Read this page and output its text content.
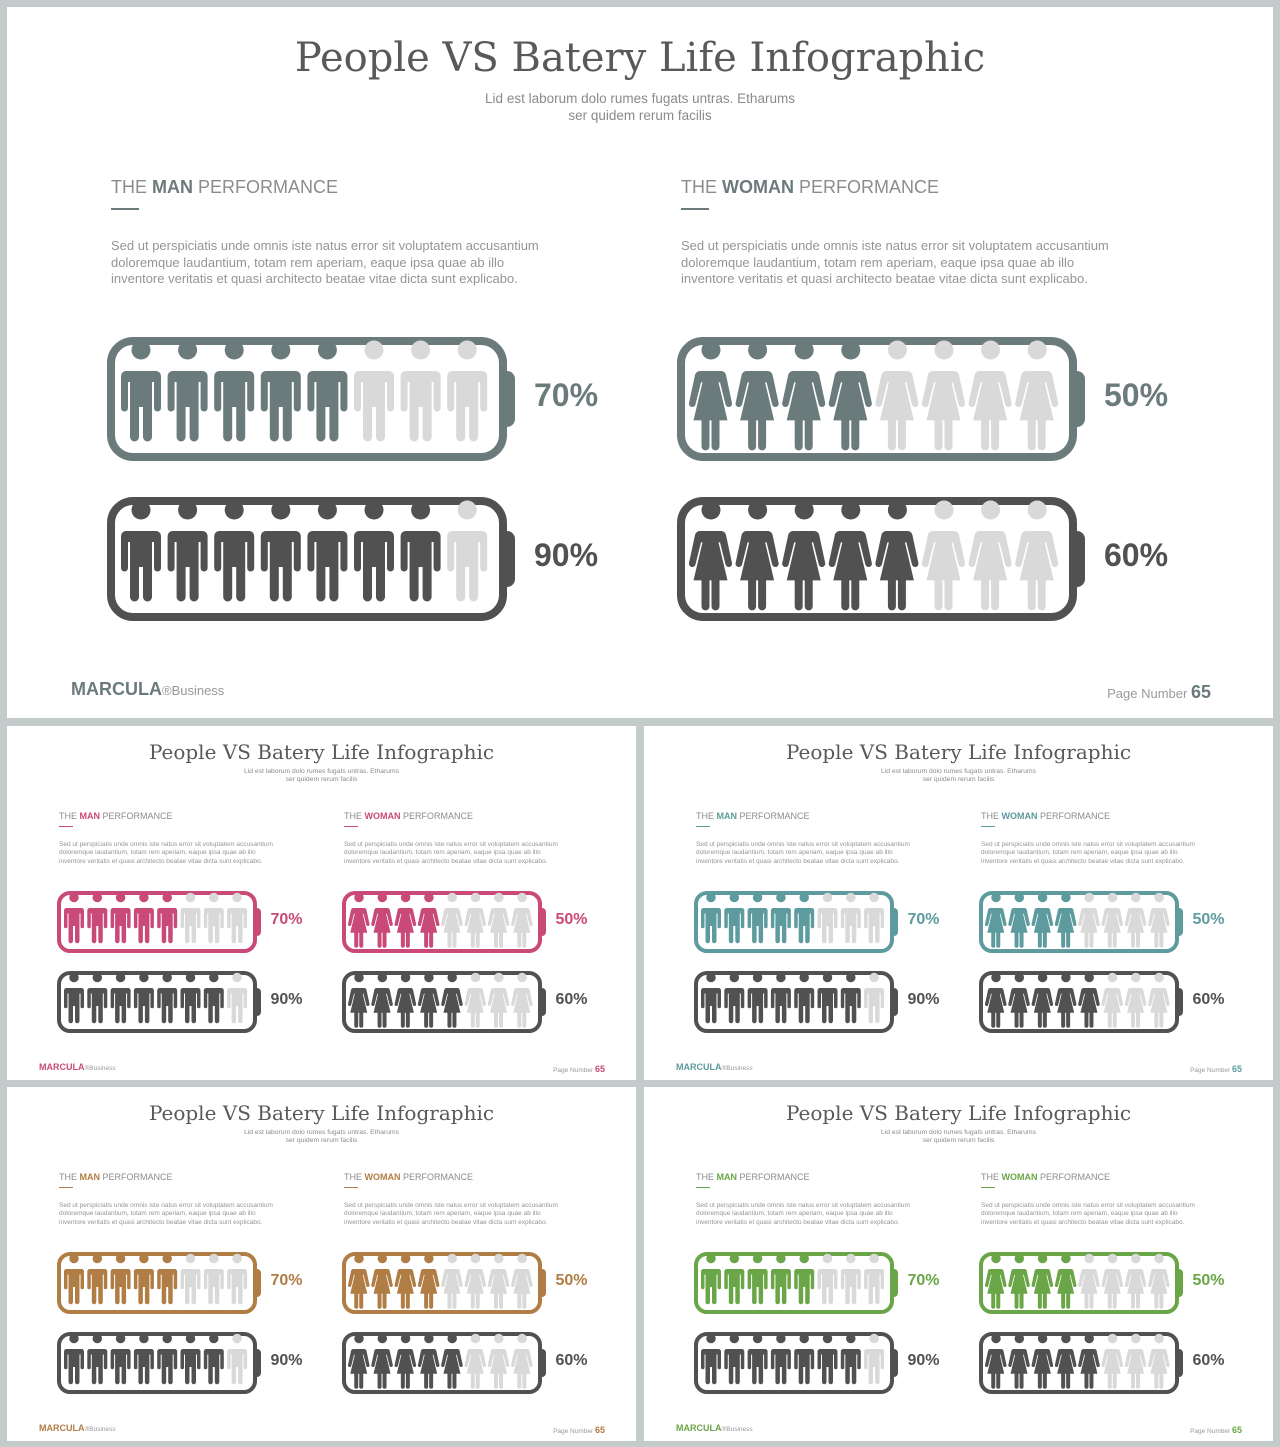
People VS Batery Life Infographic
Lid est laborum dolo rumes fugats untras. Etharums
ser quidem rerum facilis
THE MAN PERFORMANCE
Sed ut perspiciatis unde omnis iste natus error sit voluptatem accusantium
doloremque laudantium, totam rem aperiam, eaque ipsa quae ab illo
inventore veritatis et quasi architecto beatae vitae dicta sunt explicabo.
THE WOMAN PERFORMANCE
Sed ut perspiciatis unde omnis iste natus error sit voluptatem accusantium
doloremque laudantium, totam rem aperiam, eaque ipsa quae ab illo
inventore veritatis et quasi architecto beatae vitae dicta sunt explicabo.
70%
90%
50%
60%
MARCULA®Business	Page Number 65
People VS Batery Life Infographic
Lid est laborum dolo rumes fugats untras. Etharums
ser quidem rerum facilis
THE MAN PERFORMANCE
Sed ut perspiciatis unde omnis iste natus error sit voluptatem accusantium
doloremque laudantium, totam rem aperiam, eaque ipsa quae ab illo
inventore veritatis et quasi architecto beatae vitae dicta sunt explicabo.
THE WOMAN PERFORMANCE
Sed ut perspiciatis unde omnis iste natus error sit voluptatem accusantium
doloremque laudantium, totam rem aperiam, eaque ipsa quae ab illo
inventore veritatis et quasi architecto beatae vitae dicta sunt explicabo.
70%
90%
50%
60%
MARCULA®Business	Page Number 65
People VS Batery Life Infographic
Lid est laborum dolo rumes fugats untras. Etharums
ser quidem rerum facilis
THE MAN PERFORMANCE
Sed ut perspiciatis unde omnis iste natus error sit voluptatem accusantium
doloremque laudantium, totam rem aperiam, eaque ipsa quae ab illo
inventore veritatis et quasi architecto beatae vitae dicta sunt explicabo.
THE WOMAN PERFORMANCE
Sed ut perspiciatis unde omnis iste natus error sit voluptatem accusantium
doloremque laudantium, totam rem aperiam, eaque ipsa quae ab illo
inventore veritatis et quasi architecto beatae vitae dicta sunt explicabo.
70%
90%
50%
60%
MARCULA®Business	Page Number 65
People VS Batery Life Infographic
Lid est laborum dolo rumes fugats untras. Etharums
ser quidem rerum facilis
THE MAN PERFORMANCE
Sed ut perspiciatis unde omnis iste natus error sit voluptatem accusantium
doloremque laudantium, totam rem aperiam, eaque ipsa quae ab illo
inventore veritatis et quasi architecto beatae vitae dicta sunt explicabo.
THE WOMAN PERFORMANCE
Sed ut perspiciatis unde omnis iste natus error sit voluptatem accusantium
doloremque laudantium, totam rem aperiam, eaque ipsa quae ab illo
inventore veritatis et quasi architecto beatae vitae dicta sunt explicabo.
70%
90%
50%
60%
MARCULA®Business	Page Number 65
People VS Batery Life Infographic
Lid est laborum dolo rumes fugats untras. Etharums
ser quidem rerum facilis
THE MAN PERFORMANCE
Sed ut perspiciatis unde omnis iste natus error sit voluptatem accusantium
doloremque laudantium, totam rem aperiam, eaque ipsa quae ab illo
inventore veritatis et quasi architecto beatae vitae dicta sunt explicabo.
THE WOMAN PERFORMANCE
Sed ut perspiciatis unde omnis iste natus error sit voluptatem accusantium
doloremque laudantium, totam rem aperiam, eaque ipsa quae ab illo
inventore veritatis et quasi architecto beatae vitae dicta sunt explicabo.
70%
90%
50%
60%
MARCULA®Business	Page Number 65
